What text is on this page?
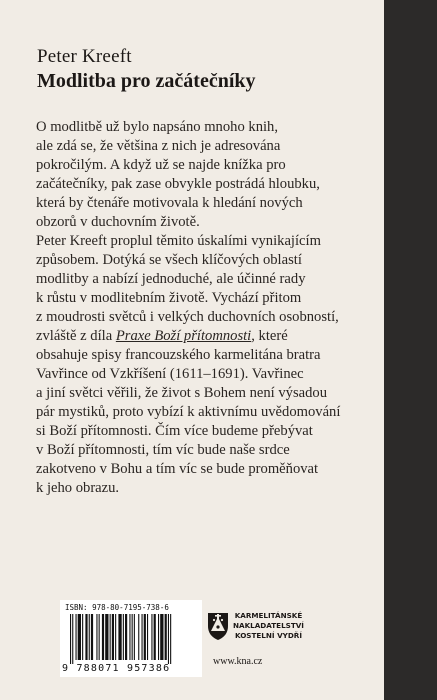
Peter Kreeft
Modlitba pro začátečníky
O modlitbě už bylo napsáno mnoho knih,
ale zdá se, že většina z nich je adresována
pokročilým. A když už se najde knížka pro
začátečníky, pak zase obvykle postrádá hloubku,
která by čtenáře motivovala k hledání nových
obzorů v duchovním životě.
Peter Kreeft proplul těmito úskalími vynikajícím
způsobem. Dotýká se všech klíčových oblastí
modlitby a nabízí jednoduché, ale účinné rady
k růstu v modlitebním životě. Vychází přitom
z moudrosti světců i velkých duchovních osobností,
zvláště z díla Praxe Boží přítomnosti, které
obsahuje spisy francouzského karmelitána bratra
Vavřince od Vzkříšení (1611–1691). Vavřinec
a jiní světci věřili, že život s Bohem není výsadou
pár mystiků, proto vybízí k aktivnímu uvědomování
si Boží přítomnosti. Čím více budeme přebývat
v Boží přítomnosti, tím víc bude naše srdce
zakotveno v Bohu a tím víc se bude proměňovat
k jeho obrazu.
ISBN: 978-80-7195-738-6
9 788071 957386
KARMELITÁNSKÉ
NAKLADATELSTVÍ
KOSTELNÍ VYDŘÍ
www.kna.cz
